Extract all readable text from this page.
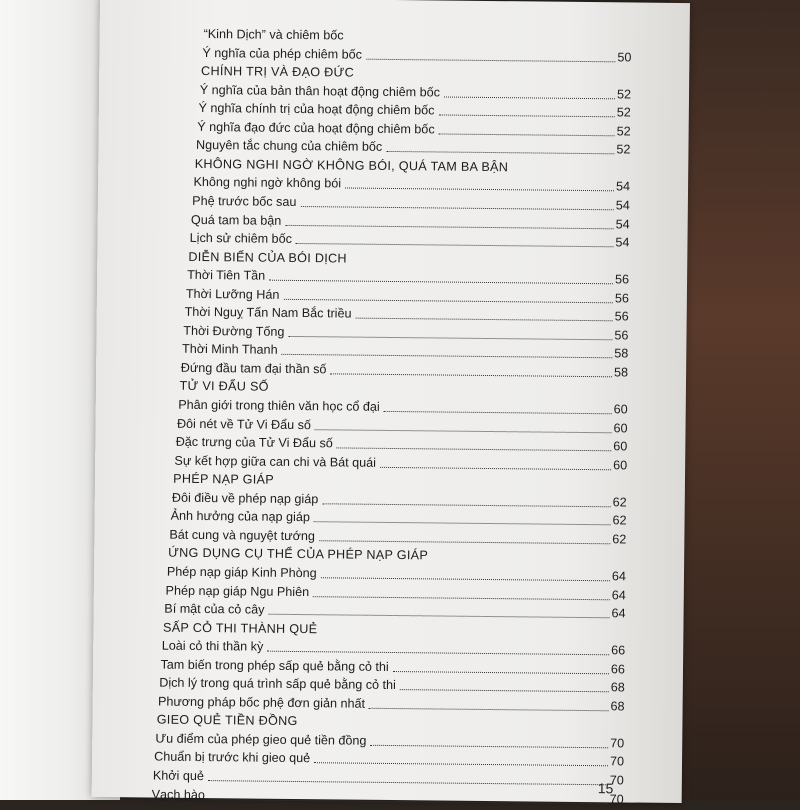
“Kinh Dịch” và chiêm bốc
Ý nghĩa của phép chiêm bốc	50
CHÍNH TRỊ VÀ ĐẠO ĐỨC
Ý nghĩa của bản thân hoạt động chiêm bốc	52
Ý nghĩa chính trị của hoạt động chiêm bốc	52
Ý nghĩa đạo đức của hoạt động chiêm bốc	52
Nguyên tắc chung của chiêm bốc	52
KHÔNG NGHI NGỜ KHÔNG BÓI, QUÁ TAM BA BẬN
Không nghi ngờ không bói	54
Phệ trước bốc sau	54
Quá tam ba bận	54
Lịch sử chiêm bốc	54
DIỄN BIẾN CỦA BÓI DỊCH
Thời Tiên Tần	56
Thời Lưỡng Hán	56
Thời Nguỵ Tấn Nam Bắc triều	56
Thời Đường Tống	56
Thời Minh Thanh	58
Đứng đầu tam đại thần số	58
TỬ VI ĐẨU SỐ
Phân giới trong thiên văn học cổ đại	60
Đôi nét về Tử Vi Đẩu số	60
Đặc trưng của Tử Vi Đẩu số	60
Sự kết hợp giữa can chi và Bát quái	60
PHÉP NẠP GIÁP
Đôi điều về phép nạp giáp	62
Ảnh hưởng của nạp giáp	62
Bát cung và nguyệt tướng	62
ỨNG DỤNG CỤ THỂ CỦA PHÉP NẠP GIÁP
Phép nạp giáp Kinh Phòng	64
Phép nạp giáp Ngu Phiên	64
Bí mật của cỏ cây	64
SẤP CỎ THI THÀNH QUẺ
Loài cỏ thi thần kỳ	66
Tam biến trong phép sấp quẻ bằng cỏ thi	66
Dịch lý trong quá trình sấp quẻ bằng cỏ thi	68
Phương pháp bốc phệ đơn giản nhất	68
GIEO QUẺ TIỀN ĐỒNG
Ưu điểm của phép gieo quẻ tiền đồng	70
Chuẩn bị trước khi gieo quẻ	70
Khởi quẻ	70
Vạch hào	70
15
